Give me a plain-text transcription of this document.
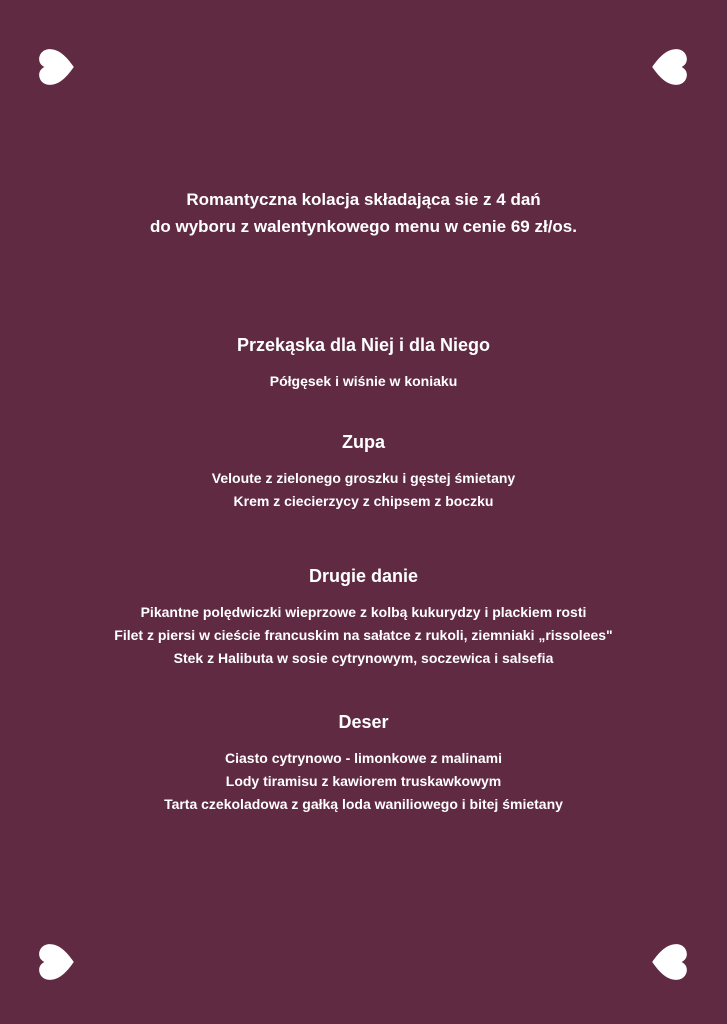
Romantyczna kolacja składająca sie z 4 dań
do wyboru z walentynkowego menu w cenie 69 zł/os.
Przekąska dla Niej i dla Niego
Półgęsek i wiśnie w koniaku
Zupa
Veloute z zielonego groszku i gęstej śmietany
Krem z ciecierzycy z chipsem z boczku
Drugie danie
Pikantne polędwiczki wieprzowe z kolbą kukurydzy i plackiem rosti
Filet z piersi w cieście francuskim na sałatce z rukoli, ziemniaki „rissolees"
Stek z Halibuta w sosie cytrynowym, soczewica i salsefia
Deser
Ciasto cytrynowo - limonkowe z malinami
Lody tiramisu z kawiorem truskawkowym
Tarta czekoladowa z gałką loda waniliowego i bitej śmietany
